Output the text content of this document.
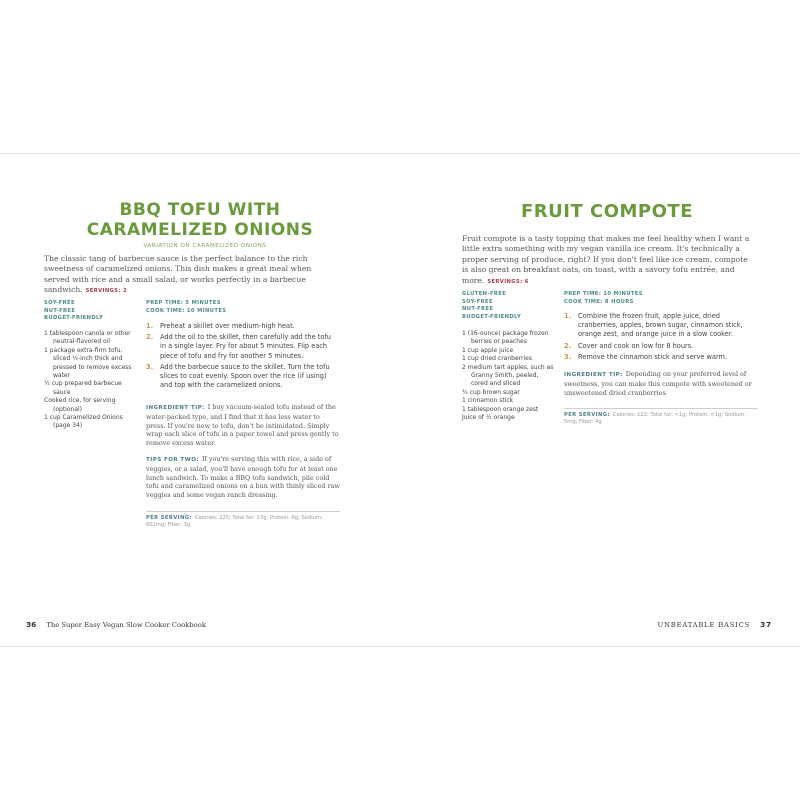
BBQ TOFU WITH
CARAMELIZED ONIONS
VARIATION ON CARAMELIZED ONIONS
The classic tang of barbecue sauce is the perfect balance to the rich sweetness of caramelized onions. This dish makes a great meal when served with rice and a small salad, or works perfectly in a barbecue sandwich. SERVINGS: 2
SOY-FREE
NUT-FREE
BUDGET-FRIENDLY
1 tablespoon canola or other neutral-flavored oil
1 package extra-firm tofu, sliced ½-inch thick and pressed to remove excess water
½ cup prepared barbecue sauce
Cooked rice, for serving (optional)
1 cup Caramelized Onions (page 34)
PREP TIME: 5 MINUTES
COOK TIME: 10 MINUTES
1. Preheat a skillet over medium-high heat.
2. Add the oil to the skillet, then carefully add the tofu in a single layer. Fry for about 5 minutes. Flip each piece of tofu and fry for another 5 minutes.
3. Add the barbecue sauce to the skillet. Turn the tofu slices to coat evenly. Spoon over the rice (if using) and top with the caramelized onions.
INGREDIENT TIP: I buy vacuum-sealed tofu instead of the water-packed type, and I find that it has less water to press. If you're new to tofu, don't be intimidated. Simply wrap each slice of tofu in a paper towel and press gently to remove excess water.
TIPS FOR TWO: If you're serving this with rice, a side of veggies, or a salad, you'll have enough tofu for at least one lunch sandwich. To make a BBQ tofu sandwich, pile cold tofu and caramelized onions on a bun with thinly sliced raw veggies and some vegan ranch dressing.
PER SERVING: Calories: 225; Total fat: 13g; Protein: 6g; Sodium: 602mg; Fiber: 3g
36 The Super Easy Vegan Slow Cooker Cookbook
FRUIT COMPOTE
Fruit compote is a tasty topping that makes me feel healthy when I want a little extra something with my vegan vanilla ice cream. It's technically a proper serving of produce, right? If you don't feel like ice cream, compote is also great on breakfast oats, on toast, with a savory tofu entrée, and more. SERVINGS: 6
GLUTEN-FREE
SOY-FREE
NUT-FREE
BUDGET-FRIENDLY
1 (16-ounce) package frozen berries or peaches
1 cup apple juice
1 cup dried cranberries
2 medium tart apples, such as Granny Smith, peeled, cored and sliced
¾ cup brown sugar
1 cinnamon stick
1 tablespoon orange zest
Juice of ½ orange
PREP TIME: 10 MINUTES
COOK TIME: 8 HOURS
1. Combine the frozen fruit, apple juice, dried cranberries, apples, brown sugar, cinnamon stick, orange zest, and orange juice in a slow cooker.
2. Cover and cook on low for 8 hours.
3. Remove the cinnamon stick and serve warm.
INGREDIENT TIP: Depending on your preferred level of sweetness, you can make this compote with sweetened or unsweetened dried cranberries.
PER SERVING: Calories: 122; Total fat: <1g; Protein: <1g; Sodium: 5mg; Fiber: 4g
UNBEATABLE BASICS 37
